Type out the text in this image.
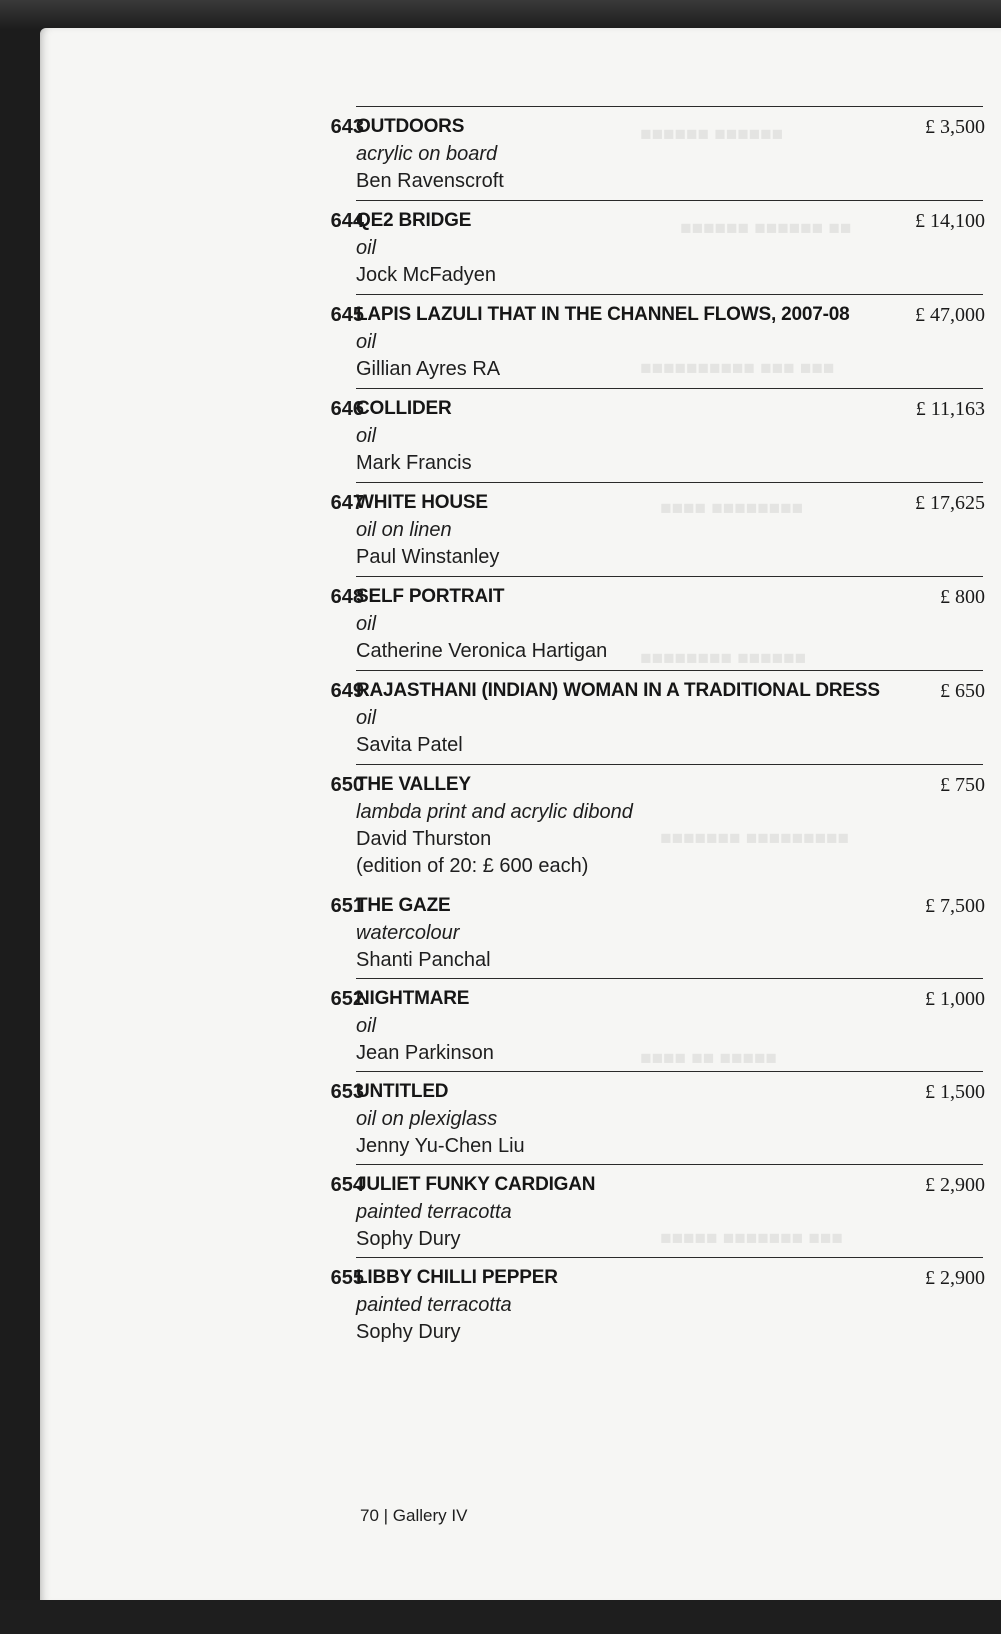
■■■■■■ ■■■■■■
■■ ■■■■■■ ■■■■■■
■■■ ■■■ ■■■■■■■■■■
■■■■■■■■ ■■■■
■■■■■■ ■■■■■■■■
■■■■■■■■■ ■■■■■■■
■■■■■ ■■ ■■■■
■■■ ■■■■■■■ ■■■■■
643
OUTDOORS
acrylic on board
Ben Ravenscroft
£ 3,500
644
QE2 BRIDGE
oil
Jock McFadyen
£ 14,100
645
LAPIS LAZULI THAT IN THE CHANNEL FLOWS, 2007-08
oil
Gillian Ayres RA
£ 47,000
646
COLLIDER
oil
Mark Francis
£ 11,163
647
WHITE HOUSE
oil on linen
Paul Winstanley
£ 17,625
648
SELF PORTRAIT
oil
Catherine Veronica Hartigan
£ 800
649
RAJASTHANI (INDIAN) WOMAN IN A TRADITIONAL DRESS
oil
Savita Patel
£ 650
650
THE VALLEY
lambda print and acrylic dibond
David Thurston
(edition of 20: £ 600 each)
£ 750
651
THE GAZE
watercolour
Shanti Panchal
£ 7,500
652
NIGHTMARE
oil
Jean Parkinson
£ 1,000
653
UNTITLED
oil on plexiglass
Jenny Yu-Chen Liu
£ 1,500
654
JULIET FUNKY CARDIGAN
painted terracotta
Sophy Dury
£ 2,900
655
LIBBY CHILLI PEPPER
painted terracotta
Sophy Dury
£ 2,900
70 | Gallery IV
